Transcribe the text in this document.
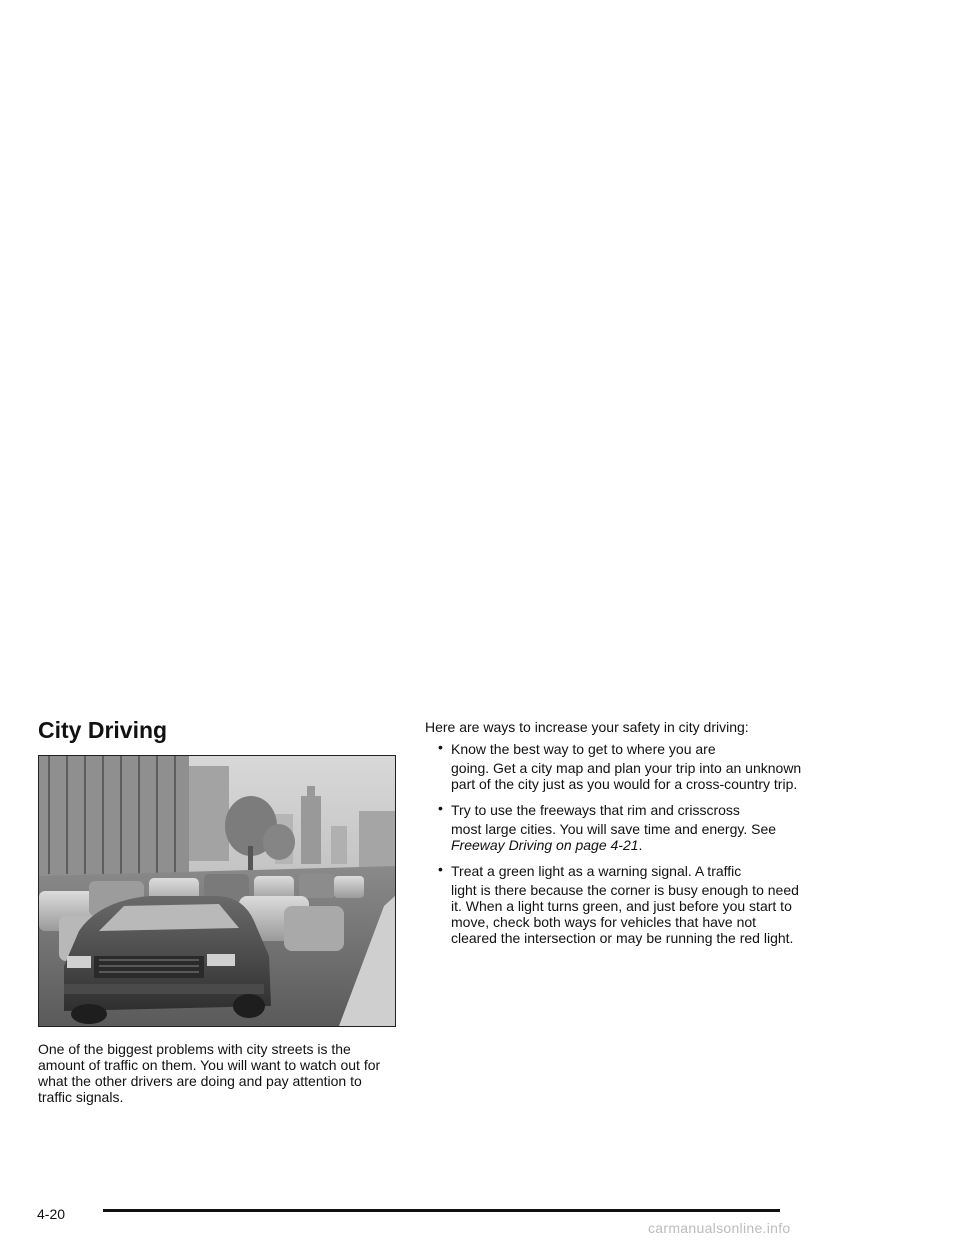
City Driving

One of the biggest problems with city streets is the amount of traffic on them. You will want to watch out for what the other drivers are doing and pay attention to traffic signals.

Here are ways to increase your safety in city driving:

• Know the best way to get to where you are
going. Get a city map and plan your trip into an unknown part of the city just as you would for a cross-country trip.
• Try to use the freeways that rim and crisscross
most large cities. You will save time and energy. See Freeway Driving on page 4-21.
• Treat a green light as a warning signal. A traffic
light is there because the corner is busy enough to need it. When a light turns green, and just before you start to move, check both ways for vehicles that have not cleared the intersection or may be running the red light.
4-20
carmanualsonline.info
